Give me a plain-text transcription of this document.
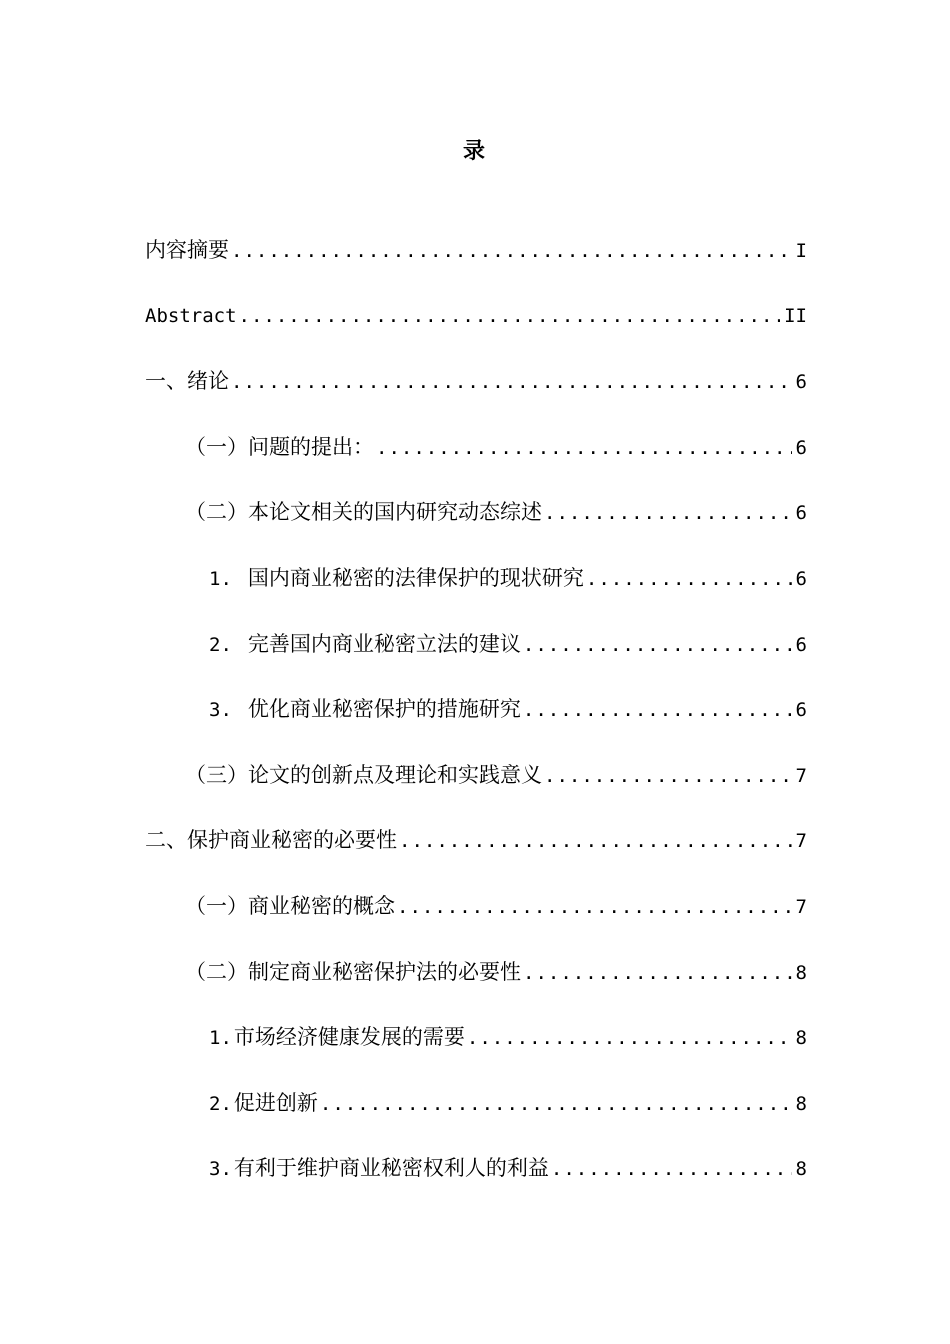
录
内容摘要 .....	I
Abstract .....	II
一、绪论 .....	6
（一）问题的提出： .....	6
（二）本论文相关的国内研究动态综述 .....	6
1. 国内商业秘密的法律保护的现状研究 .....	6
2. 完善国内商业秘密立法的建议 .....	6
3. 优化商业秘密保护的措施研究 .....	6
（三）论文的创新点及理论和实践意义 .....	7
二、保护商业秘密的必要性 .....	7
（一）商业秘密的概念 .....	7
（二）制定商业秘密保护法的必要性 .....	8
1. 市场经济健康发展的需要 .....	8
2. 促进创新 .....	8
3. 有利于维护商业秘密权利人的利益 .....	8
